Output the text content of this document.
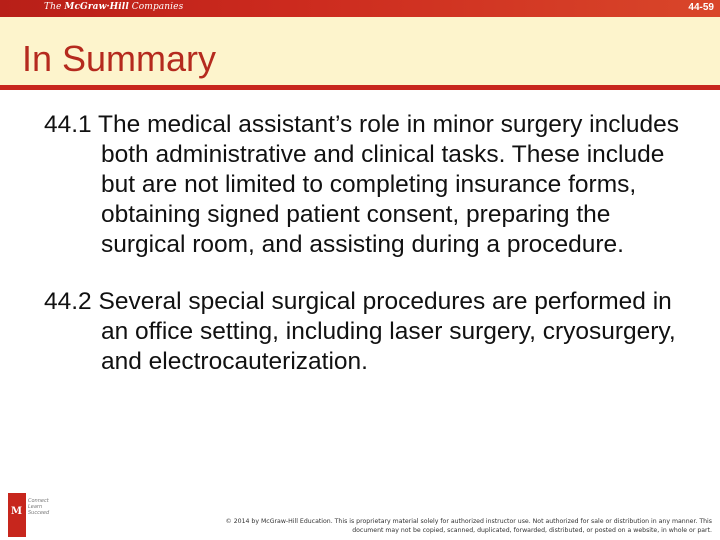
The McGraw·Hill Companies	44-59
In Summary

44.1 The medical assistant’s role in minor surgery includes both administrative and clinical tasks. These include but are not limited to completing insurance forms, obtaining signed patient consent, preparing the surgical room, and assisting during a procedure.

44.2 Several special surgical procedures are performed in an office setting, including laser surgery, cryosurgery, and electrocauterization.

M
Connect Learn Succeed

© 2014 by McGraw-Hill Education. This is proprietary material solely for authorized instructor use. Not authorized for sale or distribution in any manner. This document may not be copied, scanned, duplicated, forwarded, distributed, or posted on a website, in whole or part.
